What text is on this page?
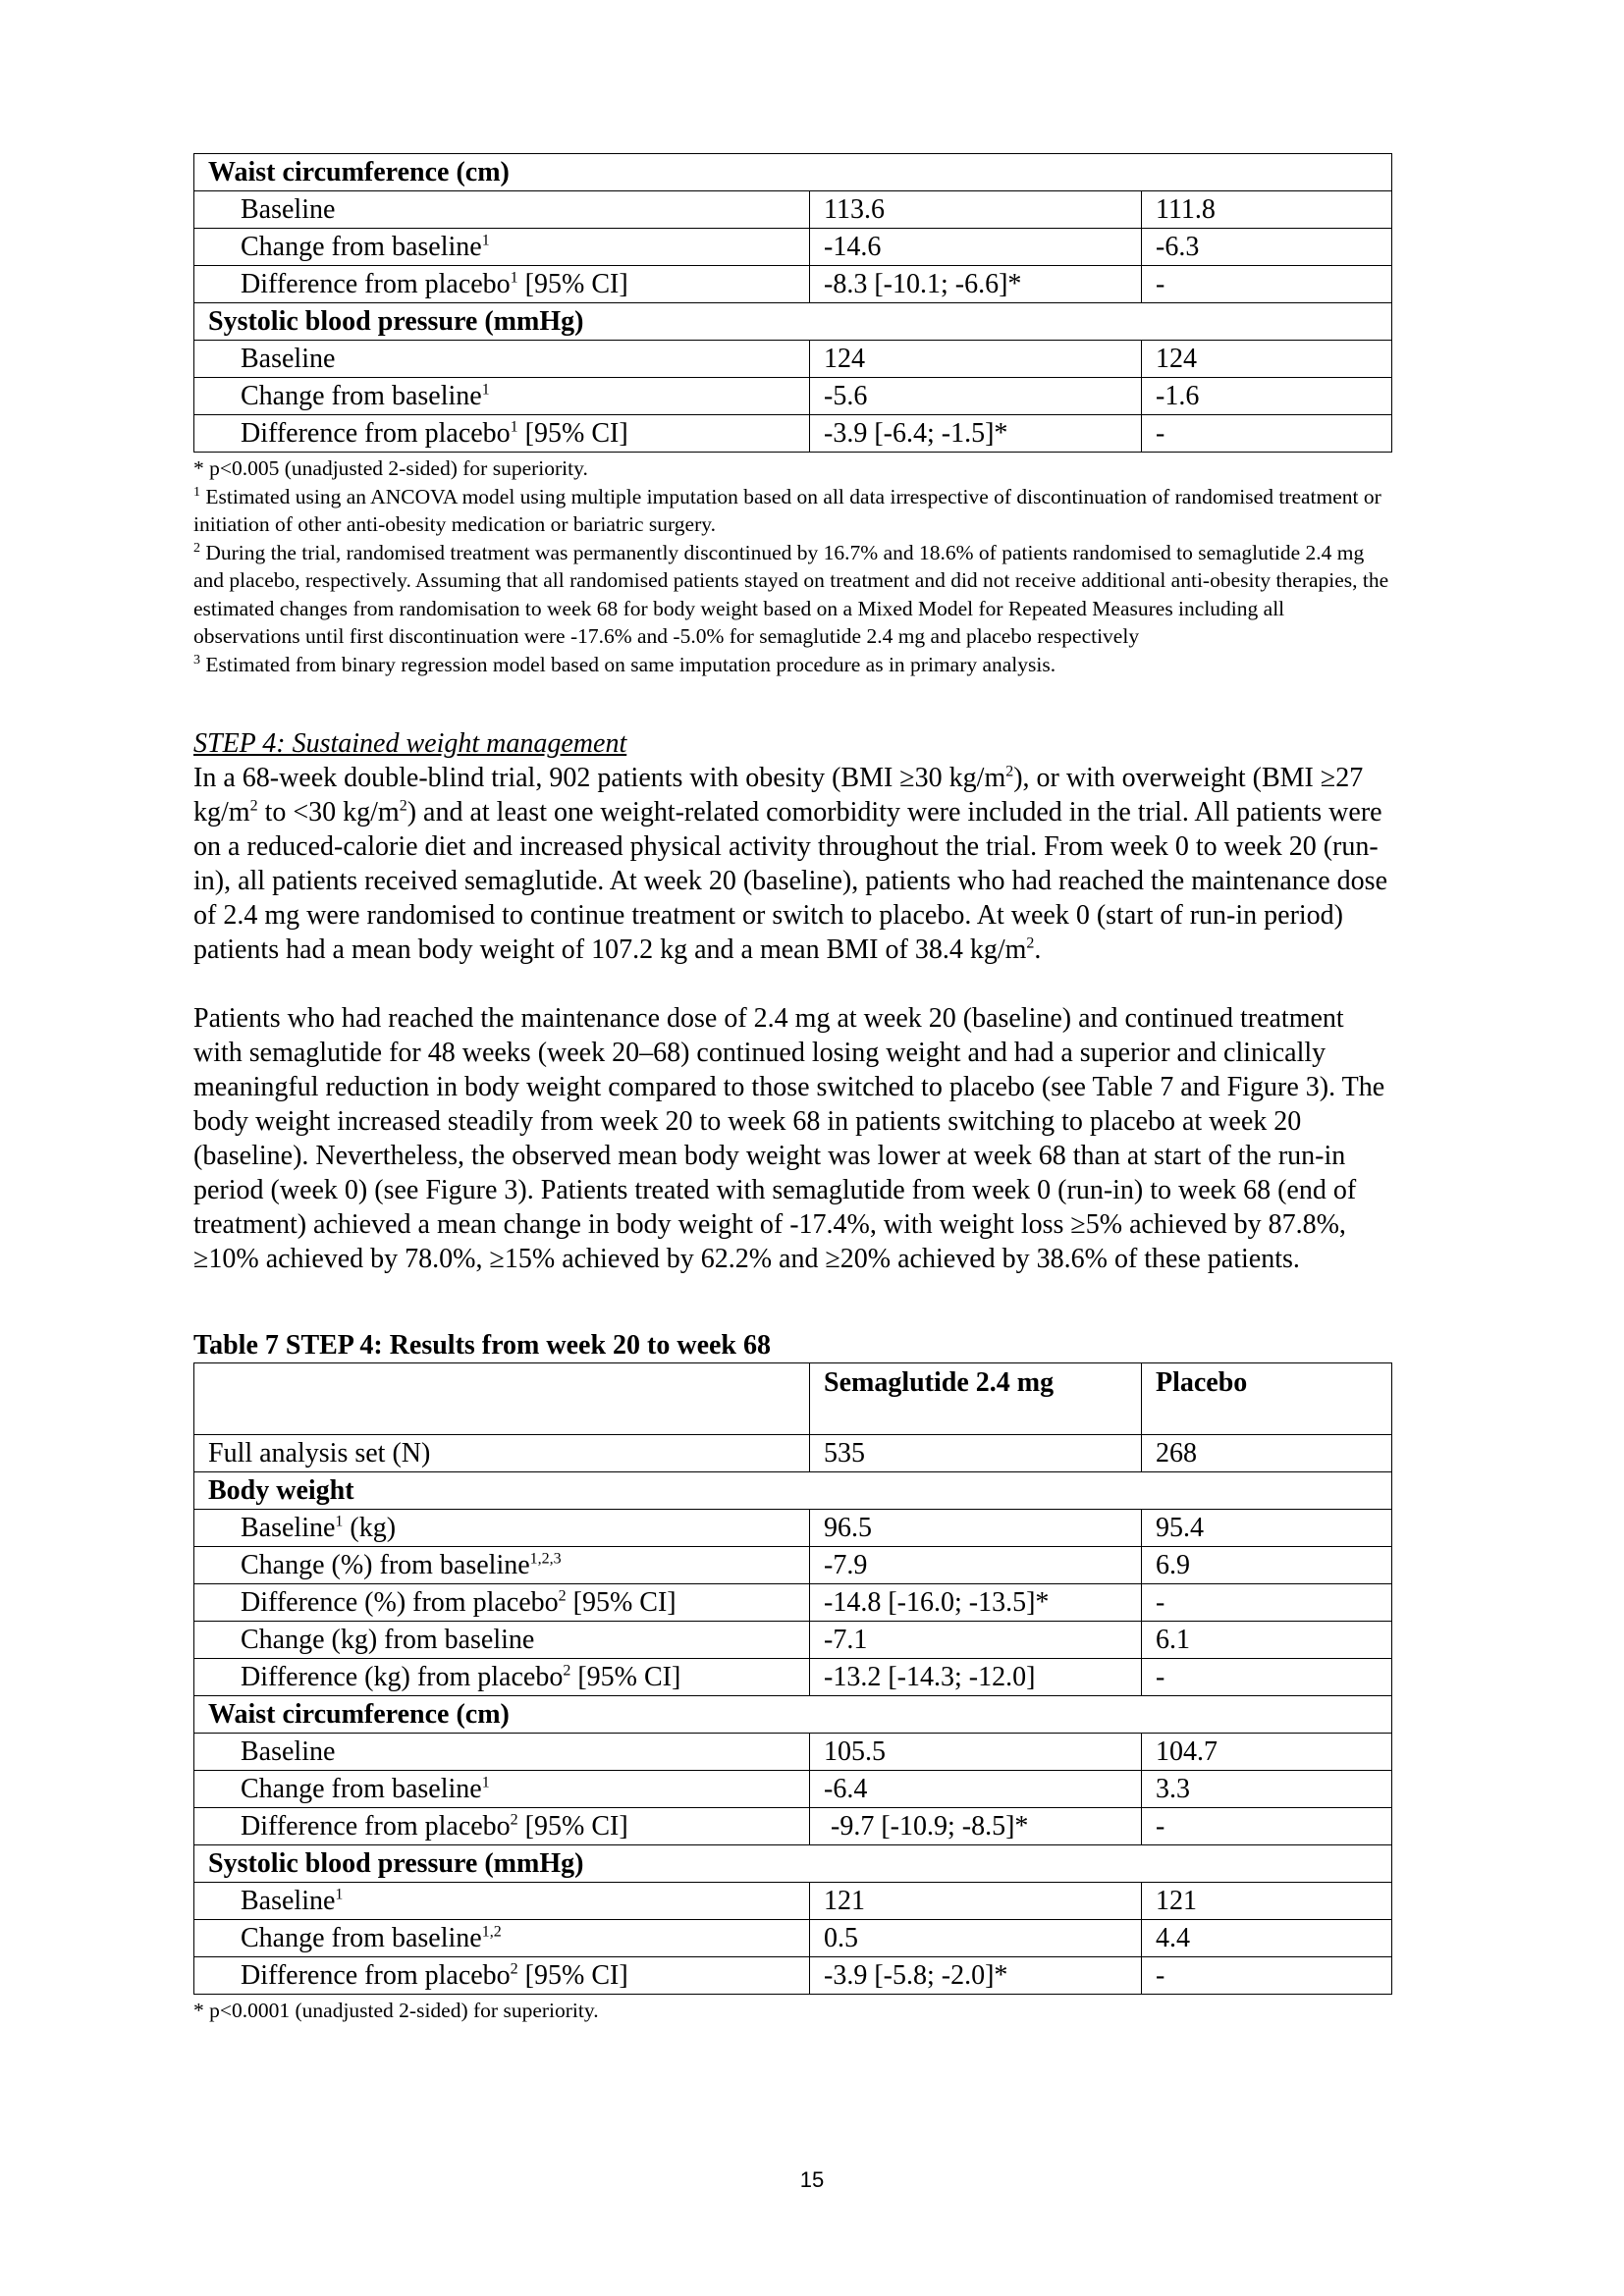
Waist circumference (cm)		
Baseline	113.6	111.8
Change from baseline$^1$	-14.6	-6.3
Difference from placebo$^1$ [95% CI]	-8.3 [-10.1; -6.6]*	-
Systolic blood pressure (mmHg)		
Baseline	124	124
Change from baseline$^1$	-5.6	-1.6
Difference from placebo$^1$ [95% CI]	-3.9 [-6.4; -1.5]*	-

* p<0.005 (unadjusted 2-sided) for superiority.

$^1$ Estimated using an ANCOVA model using multiple imputation based on all data irrespective of discontinuation of randomised treatment or initiation of other anti-obesity medication or bariatric surgery.

$^2$ During the trial, randomised treatment was permanently discontinued by 16.7% and 18.6% of patients randomised to semaglutide 2.4 mg and placebo, respectively. Assuming that all randomised patients stayed on treatment and did not receive additional anti-obesity therapies, the estimated changes from randomisation to week 68 for body weight based on a Mixed Model for Repeated Measures including all observations until first discontinuation were -17.6% and -5.0% for semaglutide 2.4 mg and placebo respectively

$^3$ Estimated from binary regression model based on same imputation procedure as in primary analysis.

STEP 4: Sustained weight management

In a 68-week double-blind trial, 902 patients with obesity (BMI ≥30 $kg/m^2$), or with overweight (BMI ≥27 $kg/m^2$ to <30 $kg/m^2$) and at least one weight-related comorbidity were included in the trial. All patients were on a reduced-calorie diet and increased physical activity throughout the trial. From week 0 to week 20 (run-in), all patients received semaglutide. At week 20 (baseline), patients who had reached the maintenance dose of 2.4 mg were randomised to continue treatment or switch to placebo. At week 0 (start of run-in period) patients had a mean body weight of 107.2 kg and a mean BMI of 38.4 $kg/m^2$.

Patients who had reached the maintenance dose of 2.4 mg at week 20 (baseline) and continued treatment with semaglutide for 48 weeks (week 20–68) continued losing weight and had a superior and clinically meaningful reduction in body weight compared to those switched to placebo (see Table 7 and Figure 3). The body weight increased steadily from week 20 to week 68 in patients switching to placebo at week 20 (baseline). Nevertheless, the observed mean body weight was lower at week 68 than at start of the run-in period (week 0) (see Figure 3). Patients treated with semaglutide from week 0 (run-in) to week 68 (end of treatment) achieved a mean change in body weight of -17.4%, with weight loss ≥5% achieved by 87.8%, ≥10% achieved by 78.0%, ≥15% achieved by 62.2% and ≥20% achieved by 38.6% of these patients.

Table 7 STEP 4: Results from week 20 to week 68
	Semaglutide 2.4 mg	Placebo
Full analysis set (N)	535	268
Body weight		
Baseline$^1$ (kg)	96.5	95.4
Change (%) from baseline$^{1,2,3}$	-7.9	6.9
Difference (%) from placebo$^2$ [95% CI]	-14.8 [-16.0; -13.5]*	-
Change (kg) from baseline	-7.1	6.1
Difference (kg) from placebo$^2$ [95% CI]	-13.2 [-14.3; -12.0]	-
Waist circumference (cm)		
Baseline	105.5	104.7
Change from baseline$^1$	-6.4	3.3
Difference from placebo$^2$ [95% CI]	-9.7 [-10.9; -8.5]*	-
Systolic blood pressure (mmHg)		
Baseline$^1$	121	121
Change from baseline$^{1,2}$	0.5	4.4
Difference from placebo$^2$ [95% CI]	-3.9 [-5.8; -2.0]*	-
* p<0.0001 (unadjusted 2-sided) for superiority.
15
